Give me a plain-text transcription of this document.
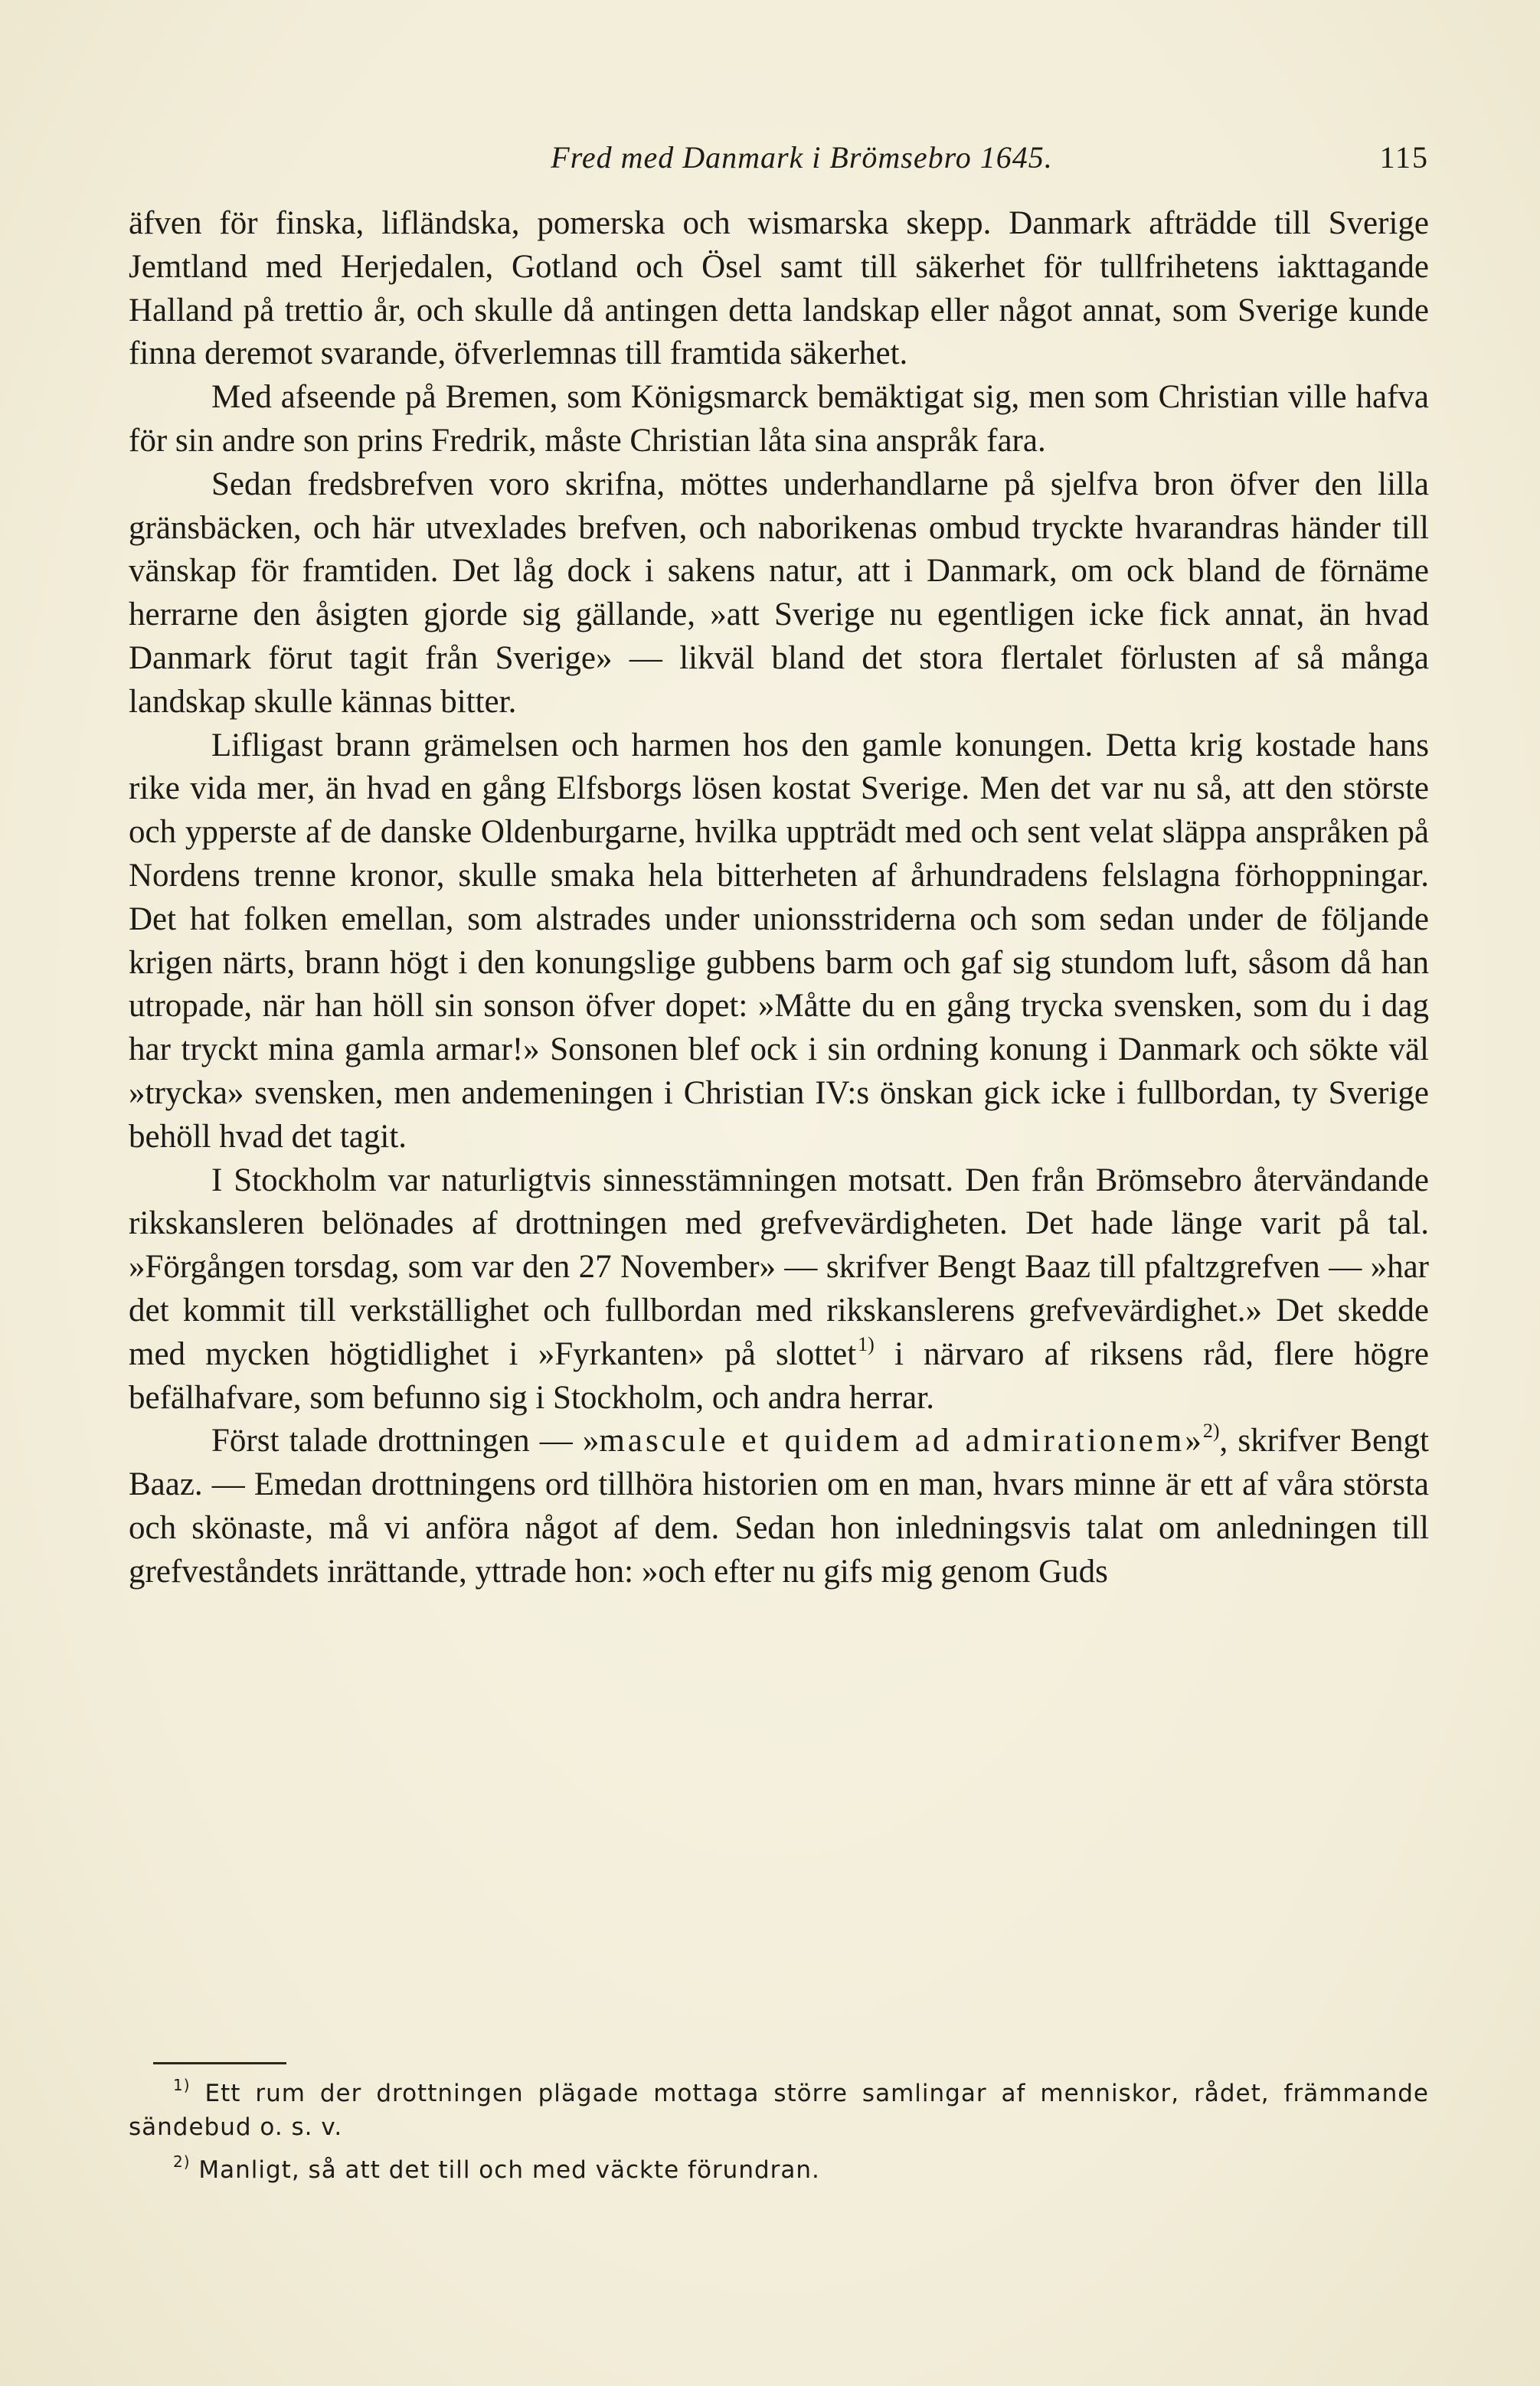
Fred med Danmark i Brömsebro 1645.	115

äfven för finska, lifländska, pomerska och wismarska skepp. Danmark afträdde till Sverige Jemtland med Herjedalen, Gotland och Ösel samt till säkerhet för tullfrihetens iakttagande Halland på trettio år, och skulle då antingen detta landskap eller något annat, som Sverige kunde finna deremot svarande, öfverlemnas till framtida säkerhet.

Med afseende på Bremen, som Königsmarck bemäktigat sig, men som Christian ville hafva för sin andre son prins Fredrik, måste Christian låta sina anspråk fara.

Sedan fredsbrefven voro skrifna, möttes underhandlarne på sjelfva bron öfver den lilla gränsbäcken, och här utvexlades brefven, och naborikenas ombud tryckte hvarandras händer till vänskap för framtiden. Det låg dock i sakens natur, att i Danmark, om ock bland de förnäme herrarne den åsigten gjorde sig gällande, »att Sverige nu egentligen icke fick annat, än hvad Danmark förut tagit från Sverige» — likväl bland det stora flertalet förlusten af så många landskap skulle kännas bitter.

Lifligast brann grämelsen och harmen hos den gamle konungen. Detta krig kostade hans rike vida mer, än hvad en gång Elfsborgs lösen kostat Sverige. Men det var nu så, att den störste och ypperste af de danske Oldenburgarne, hvilka uppträdt med och sent velat släppa anspråken på Nordens trenne kronor, skulle smaka hela bitterheten af århundradens felslagna förhoppningar. Det hat folken emellan, som alstrades under unionsstriderna och som sedan under de följande krigen närts, brann högt i den konungslige gubbens barm och gaf sig stundom luft, såsom då han utropade, när han höll sin sonson öfver dopet: »Måtte du en gång trycka svensken, som du i dag har tryckt mina gamla armar!» Sonsonen blef ock i sin ordning konung i Danmark och sökte väl »trycka» svensken, men andemeningen i Christian IV:s önskan gick icke i fullbordan, ty Sverige behöll hvad det tagit.

I Stockholm var naturligtvis sinnesstämningen motsatt. Den från Brömsebro återvändande rikskansleren belönades af drottningen med grefvevärdigheten. Det hade länge varit på tal. »Förgången torsdag, som var den 27 November» — skrifver Bengt Baaz till pfaltzgrefven — »har det kommit till verkställighet och fullbordan med rikskanslerens grefvevärdighet.» Det skedde med mycken högtidlighet i »Fyrkanten» på slottet$^{1)}$ i närvaro af riksens råd, flere högre befälhafvare, som befunno sig i Stockholm, och andra herrar.

Först talade drottningen — »mascule et quidem ad admirationem»$^{2)}$, skrifver Bengt Baaz. — Emedan drottningens ord tillhöra historien om en man, hvars minne är ett af våra största och skönaste, må vi anföra något af dem. Sedan hon inledningsvis talat om anledningen till grefveståndets inrättande, yttrade hon: »och efter nu gifs mig genom Guds

$^{1)}$ Ett rum der drottningen plägade mottaga större samlingar af menniskor, rådet, främmande sändebud o. s. v.

$^{2)}$ Manligt, så att det till och med väckte förundran.
